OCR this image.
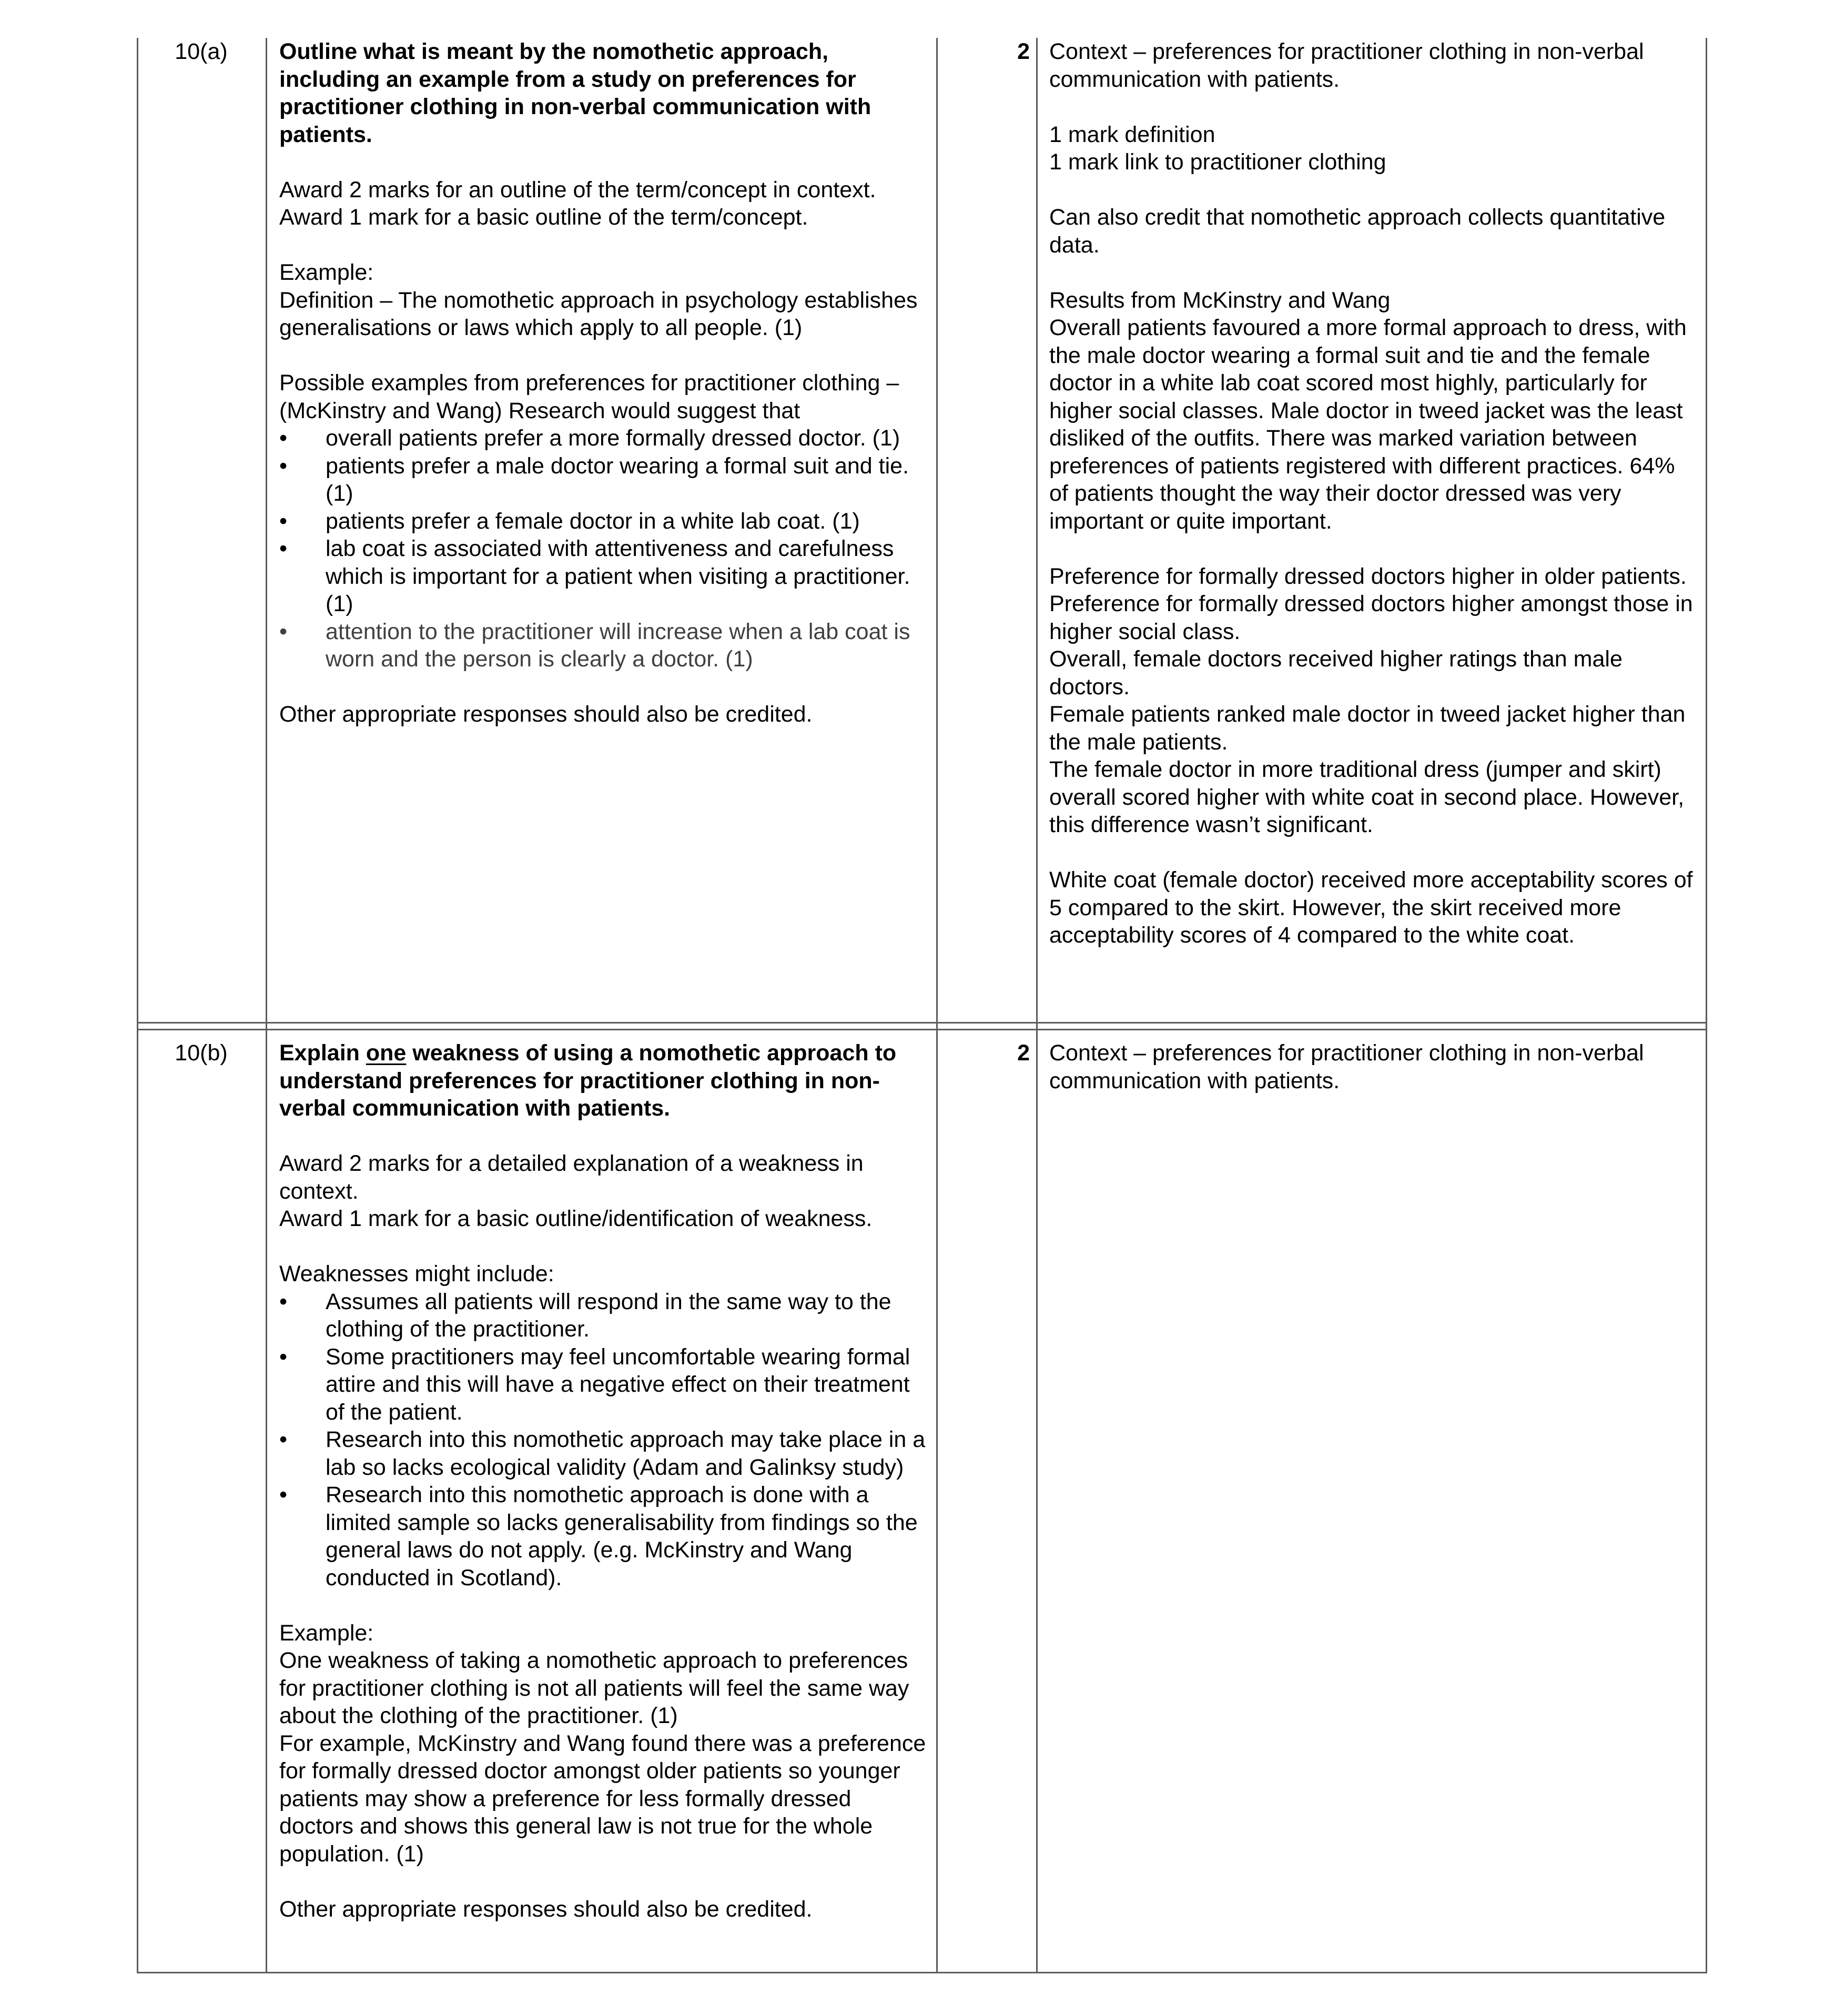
10(a)	Outline what is meant by the nomothetic approach, including an example from a study on preferences for practitioner clothing in non-verbal communication with patients.

Award 2 marks for an outline of the term/concept in context.

Award 1 mark for a basic outline of the term/concept.

Example:

Definition – The nomothetic approach in psychology establishes generalisations or laws which apply to all people. (1)

Possible examples from preferences for practitioner clothing – (McKinstry and Wang) Research would suggest that

• overall patients prefer a more formally dressed doctor. (1)
• patients prefer a male doctor wearing a formal suit and tie. (1)
• patients prefer a female doctor in a white lab coat. (1)
• lab coat is associated with attentiveness and carefulness which is important for a patient when visiting a practitioner. (1)
• attention to the practitioner will increase when a lab coat is worn and the person is clearly a doctor. (1)

Other appropriate responses should also be credited.

2 Context – preferences for practitioner clothing in non-verbal communication with patients.

1 mark definition

1 mark link to practitioner clothing

Can also credit that nomothetic approach collects quantitative data.

Results from McKinstry and Wang

Overall patients favoured a more formal approach to dress, with the male doctor wearing a formal suit and tie and the female doctor in a white lab coat scored most highly, particularly for higher social classes. Male doctor in tweed jacket was the least disliked of the outfits. There was marked variation between preferences of patients registered with different practices. 64% of patients thought the way their doctor dressed was very important or quite important.

Preference for formally dressed doctors higher in older patients.

Preference for formally dressed doctors higher amongst those in higher social class.

Overall, female doctors received higher ratings than male doctors.

Female patients ranked male doctor in tweed jacket higher than the male patients.

The female doctor in more traditional dress (jumper and skirt) overall scored higher with white coat in second place. However, this difference wasn’t significant.

White coat (female doctor) received more acceptability scores of 5 compared to the skirt. However, the skirt received more acceptability scores of 4 compared to the white coat.

10(b)	Explain one weakness of using a nomothetic approach to understand preferences for practitioner clothing in non-verbal communication with patients.

Award 2 marks for a detailed explanation of a weakness in context.

Award 1 mark for a basic outline/identification of weakness.

Weaknesses might include:

• Assumes all patients will respond in the same way to the clothing of the practitioner.
• Some practitioners may feel uncomfortable wearing formal attire and this will have a negative effect on their treatment of the patient.
• Research into this nomothetic approach may take place in a lab so lacks ecological validity (Adam and Galinksy study)
• Research into this nomothetic approach is done with a limited sample so lacks generalisability from findings so the general laws do not apply. (e.g. McKinstry and Wang conducted in Scotland).

Example:

One weakness of taking a nomothetic approach to preferences for practitioner clothing is not all patients will feel the same way about the clothing of the practitioner. (1)

For example, McKinstry and Wang found there was a preference for formally dressed doctor amongst older patients so younger patients may show a preference for less formally dressed doctors and shows this general law is not true for the whole population. (1)

Other appropriate responses should also be credited.

2 Context – preferences for practitioner clothing in non-verbal communication with patients.
